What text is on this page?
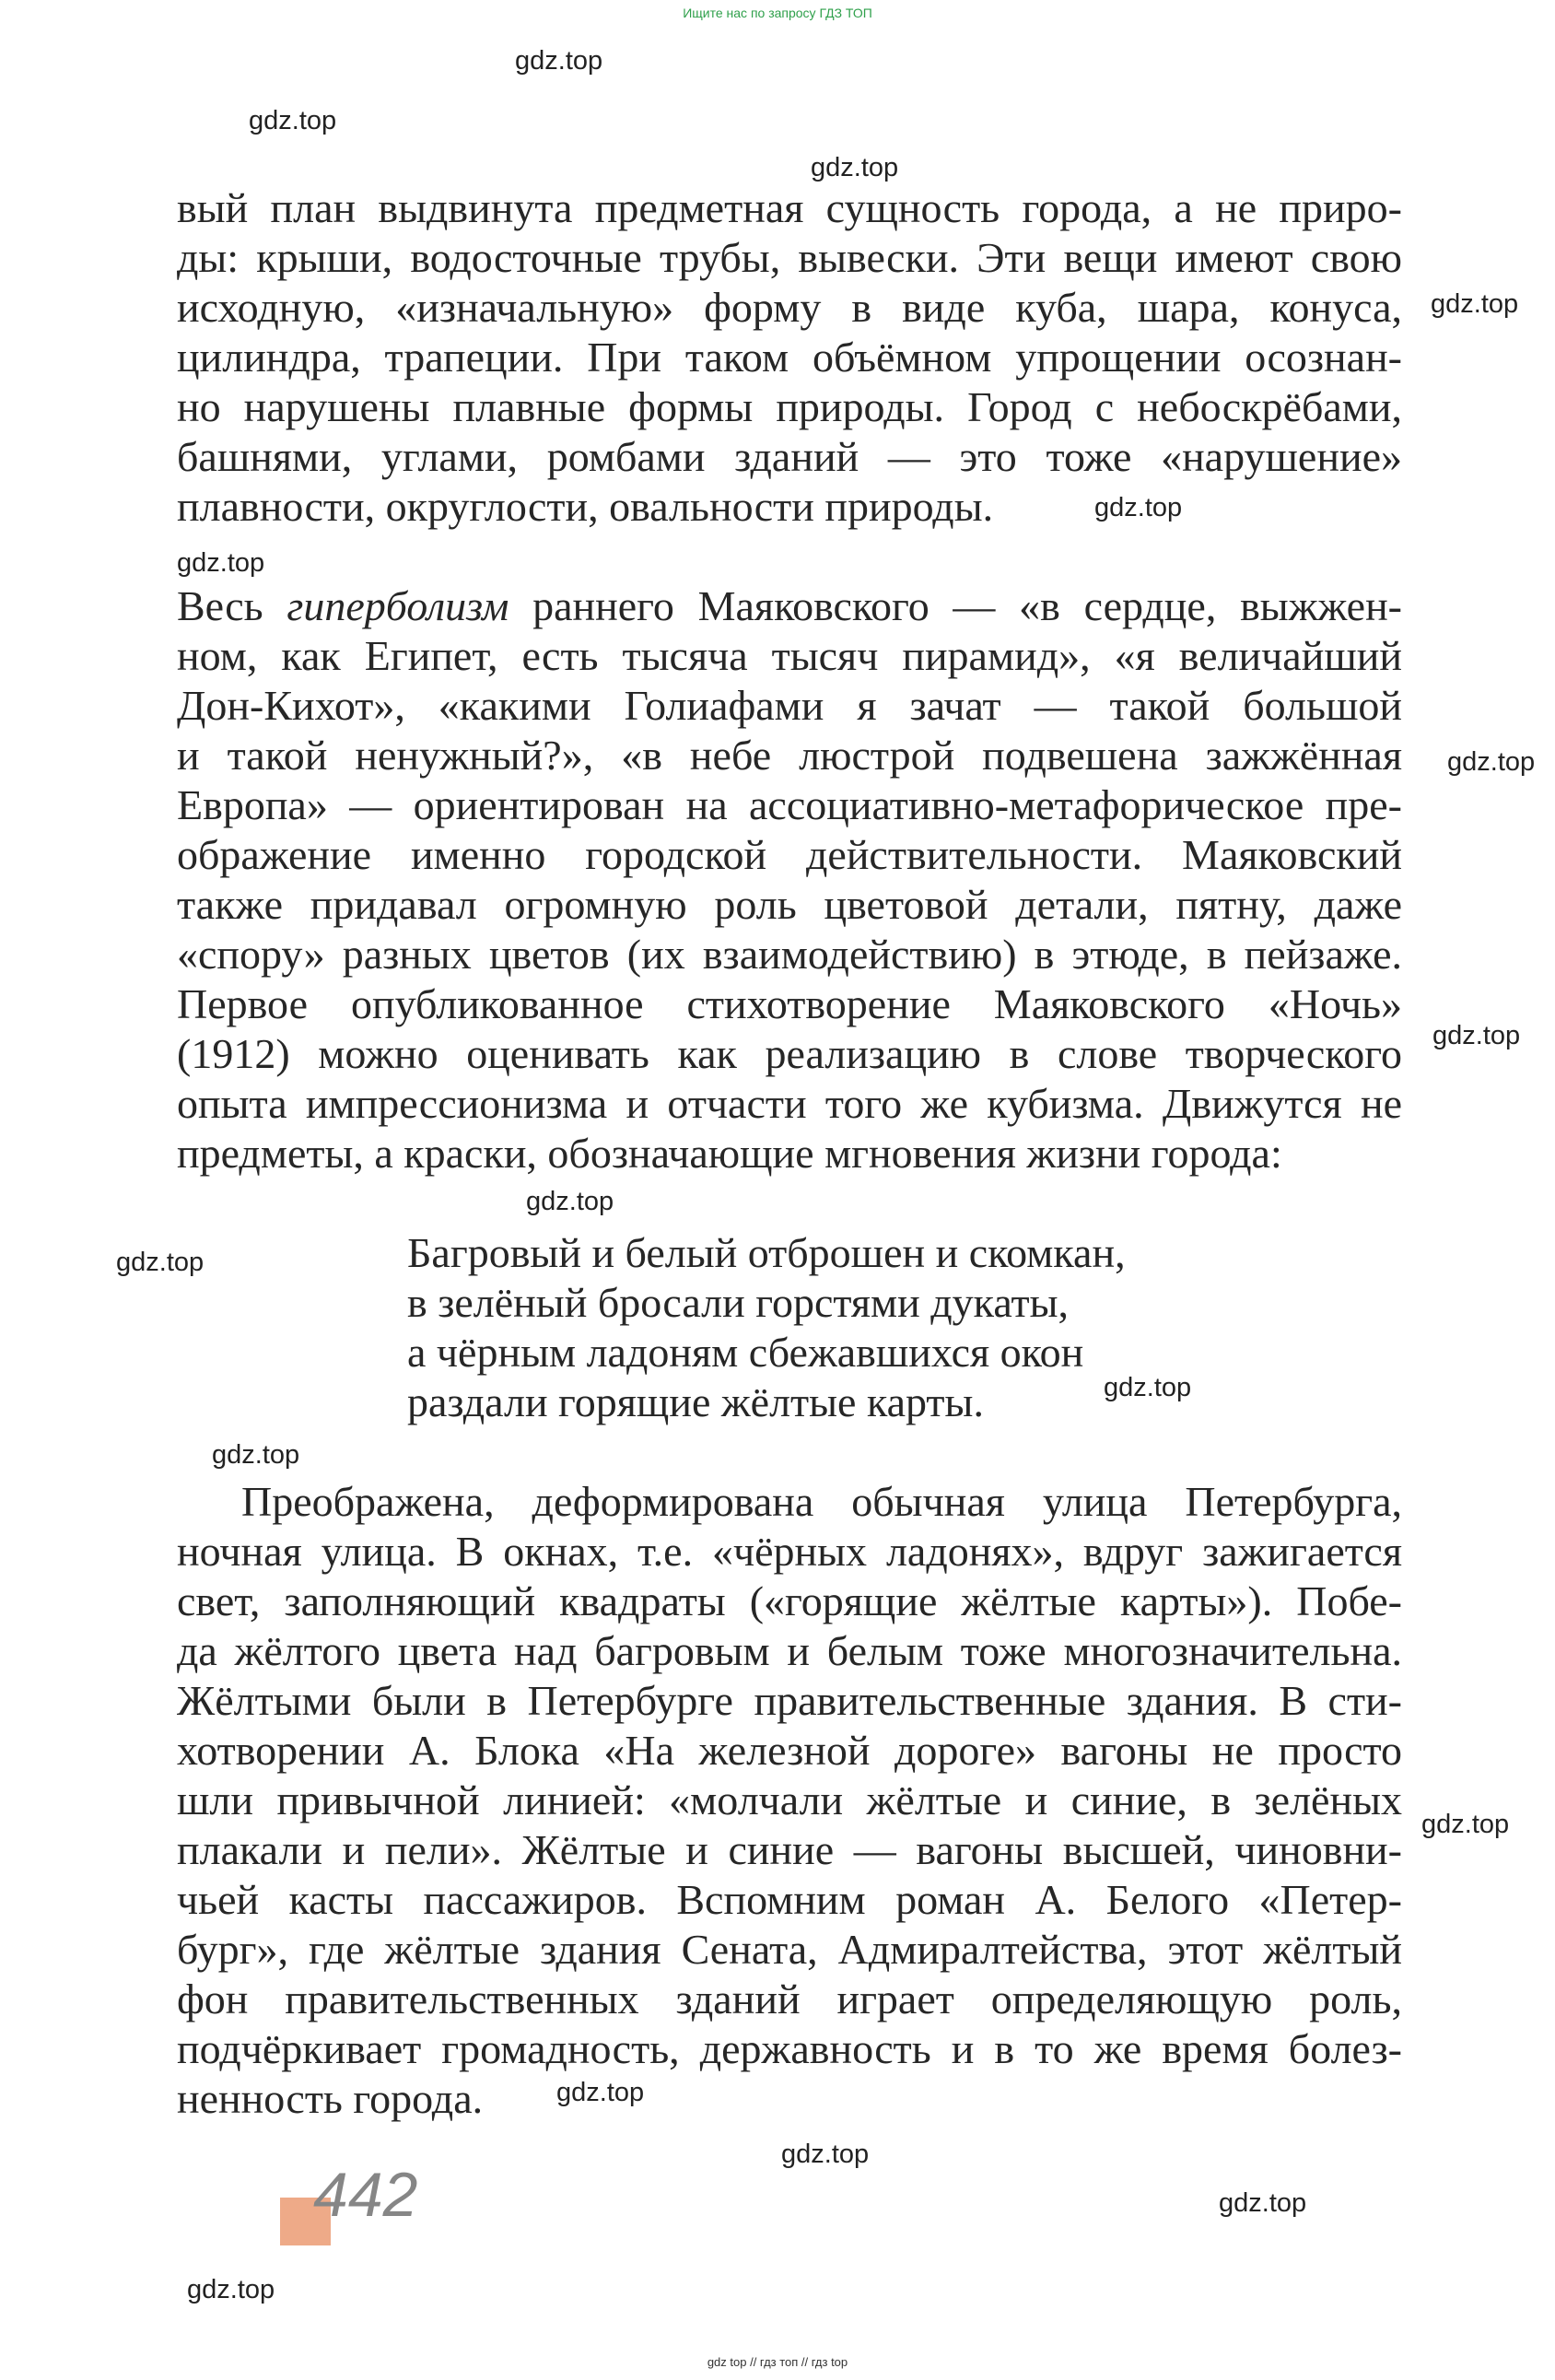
Ищите нас по запросу ГДЗ ТОП
gdz.top
gdz.top
gdz.top
gdz.top
gdz.top
gdz.top
gdz.top
gdz.top
gdz.top
gdz.top
gdz.top
gdz.top
gdz.top
gdz.top
gdz.top
gdz.top
gdz.top
вый план выдвинута предметная сущность города, а не приро-
ды: крыши, водосточные трубы, вывески. Эти вещи имеют свою
исходную, «изначальную» форму в виде куба, шара, конуса,
цилиндра, трапеции. При таком объёмном упрощении осознан-
но нарушены плавные формы природы. Город с небоскрёбами,
башнями, углами, ромбами зданий — это тоже «нарушение»
плавности, округлости, овальности природы.
Весь гиперболизм раннего Маяковского — «в сердце, выжжен-
ном, как Египет, есть тысяча тысяч пирамид», «я величайший
Дон-Кихот», «какими Голиафами я зачат — такой большой
и такой ненужный?», «в небе люстрой подвешена зажжённая
Европа» — ориентирован на ассоциативно-метафорическое пре-
ображение именно городской действительности. Маяковский
также придавал огромную роль цветовой детали, пятну, даже
«спору» разных цветов (их взаимодействию) в этюде, в пейзаже.
Первое опубликованное стихотворение Маяковского «Ночь»
(1912) можно оценивать как реализацию в слове творческого
опыта импрессионизма и отчасти того же кубизма. Движутся не
предметы, а краски, обозначающие мгновения жизни города:
Багровый и белый отброшен и скомкан,
в зелёный бросали горстями дукаты,
а чёрным ладоням сбежавшихся окон
раздали горящие жёлтые карты.
Преображена, деформирована обычная улица Петербурга,
ночная улица. В окнах, т.е. «чёрных ладонях», вдруг зажигается
свет, заполняющий квадраты («горящие жёлтые карты»). Побе-
да жёлтого цвета над багровым и белым тоже многозначительна.
Жёлтыми были в Петербурге правительственные здания. В сти-
хотворении А. Блока «На железной дороге» вагоны не просто
шли привычной линией: «молчали жёлтые и синие, в зелёных
плакали и пели». Жёлтые и синие — вагоны высшей, чиновни-
чьей касты пассажиров. Вспомним роман А. Белого «Петер-
бург», где жёлтые здания Сената, Адмиралтейства, этот жёлтый
фон правительственных зданий играет определяющую роль,
подчёркивает громадность, державность и в то же время болез-
ненность города.
442
gdz top // гдз топ // гдз top
